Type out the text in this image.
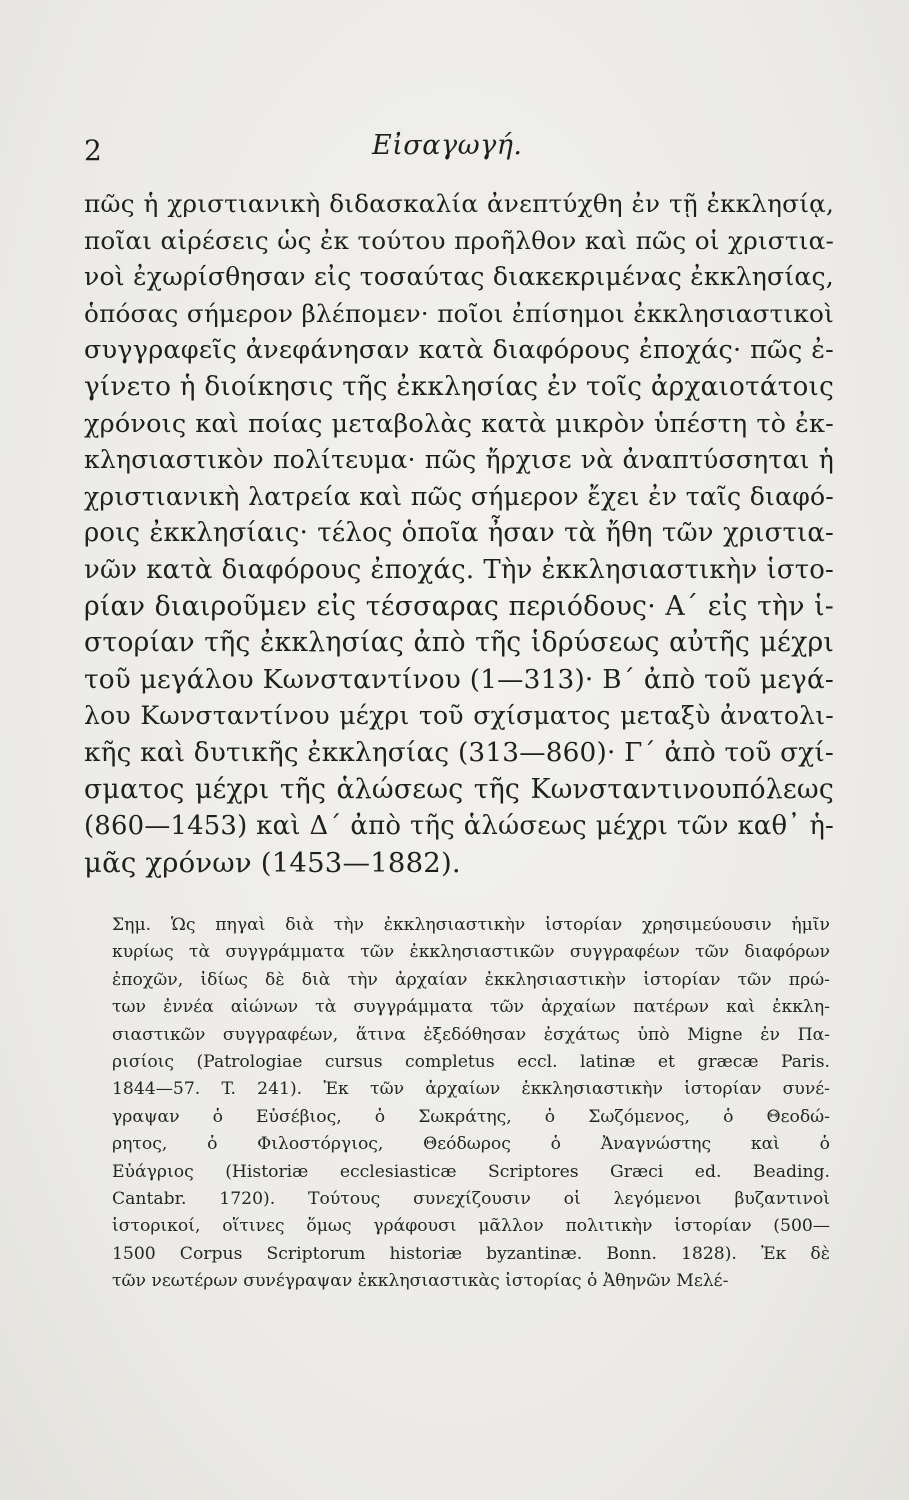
2	Εἰσαγωγή.
πῶς ἡ χριστιανικὴ διδασκαλία ἀνεπτύχθη ἐν τῇ ἐκκλησίᾳ,
ποῖαι αἱρέσεις ὡς ἐκ τούτου προῆλθον καὶ πῶς οἱ χριστια-
νοὶ ἐχωρίσθησαν εἰς τοσαύτας διακεκριμένας ἐκκλησίας,
ὁπόσας σήμερον βλέπομεν· ποῖοι ἐπίσημοι ἐκκλησιαστικοὶ
συγγραφεῖς ἀνεφάνησαν κατὰ διαφόρους ἐποχάς· πῶς ἐ-
γίνετο ἡ διοίκησις τῆς ἐκκλησίας ἐν τοῖς ἀρχαιοτάτοις
χρόνοις καὶ ποίας μεταβολὰς κατὰ μικρὸν ὑπέστη τὸ ἐκ-
κλησιαστικὸν πολίτευμα· πῶς ἤρχισε νὰ ἀναπτύσσηται ἡ
χριστιανικὴ λατρεία καὶ πῶς σήμερον ἔχει ἐν ταῖς διαφό-
ροις ἐκκλησίαις· τέλος ὁποῖα ἦσαν τὰ ἤθη τῶν χριστια-
νῶν κατὰ διαφόρους ἐποχάς. Τὴν ἐκκλησιαστικὴν ἱστο-
ρίαν διαιροῦμεν εἰς τέσσαρας περιόδους· Α΄ εἰς τὴν ἱ-
στορίαν τῆς ἐκκλησίας ἀπὸ τῆς ἱδρύσεως αὐτῆς μέχρι
τοῦ μεγάλου Κωνσταντίνου (1—313)· Β΄ ἀπὸ τοῦ μεγά-
λου Κωνσταντίνου μέχρι τοῦ σχίσματος μεταξὺ ἀνατολι-
κῆς καὶ δυτικῆς ἐκκλησίας (313—860)· Γ΄ ἀπὸ τοῦ σχί-
σματος μέχρι τῆς ἁλώσεως τῆς Κωνσταντινουπόλεως
(860—1453) καὶ Δ΄ ἀπὸ τῆς ἁλώσεως μέχρι τῶν καθ᾽ ἡ-
μᾶς χρόνων (1453—1882).
Σημ. Ὡς πηγαὶ διὰ τὴν ἐκκλησιαστικὴν ἱστορίαν χρησιμεύουσιν ἡμῖν
κυρίως τὰ συγγράμματα τῶν ἐκκλησιαστικῶν συγγραφέων τῶν διαφόρων
ἐποχῶν, ἰδίως δὲ διὰ τὴν ἀρχαίαν ἐκκλησιαστικὴν ἱστορίαν τῶν πρώ-
των ἐννέα αἰώνων τὰ συγγράμματα τῶν ἀρχαίων πατέρων καὶ ἐκκλη-
σιαστικῶν συγγραφέων, ἅτινα ἐξεδόθησαν ἐσχάτως ὑπὸ Migne ἐν Πα-
ρισίοις (Patrologiae cursus completus eccl. latinæ et græcæ Paris.
1844—57. T. 241). Ἐκ τῶν ἀρχαίων ἐκκλησιαστικὴν ἱστορίαν συνέ-
γραψαν ὁ Εὐσέβιος, ὁ Σωκράτης, ὁ Σωζόμενος, ὁ Θεοδώ-
ρητος, ὁ Φιλοστόργιος, Θεόδωρος ὁ Ἀναγνώστης καὶ ὁ
Εὐάγριος (Historiæ ecclesiasticæ Scriptores Græci ed. Beading.
Cantabr. 1720). Τούτους συνεχίζουσιν οἱ λεγόμενοι βυζαντινοὶ
ἱστορικοί, οἵτινες ὅμως γράφουσι μᾶλλον πολιτικὴν ἱστορίαν (500—
1500 Corpus Scriptorum historiæ byzantinæ. Bonn. 1828). Ἐκ δὲ
τῶν νεωτέρων συνέγραψαν ἐκκλησιαστικὰς ἱστορίας ὁ Ἀθηνῶν Μελέ-
